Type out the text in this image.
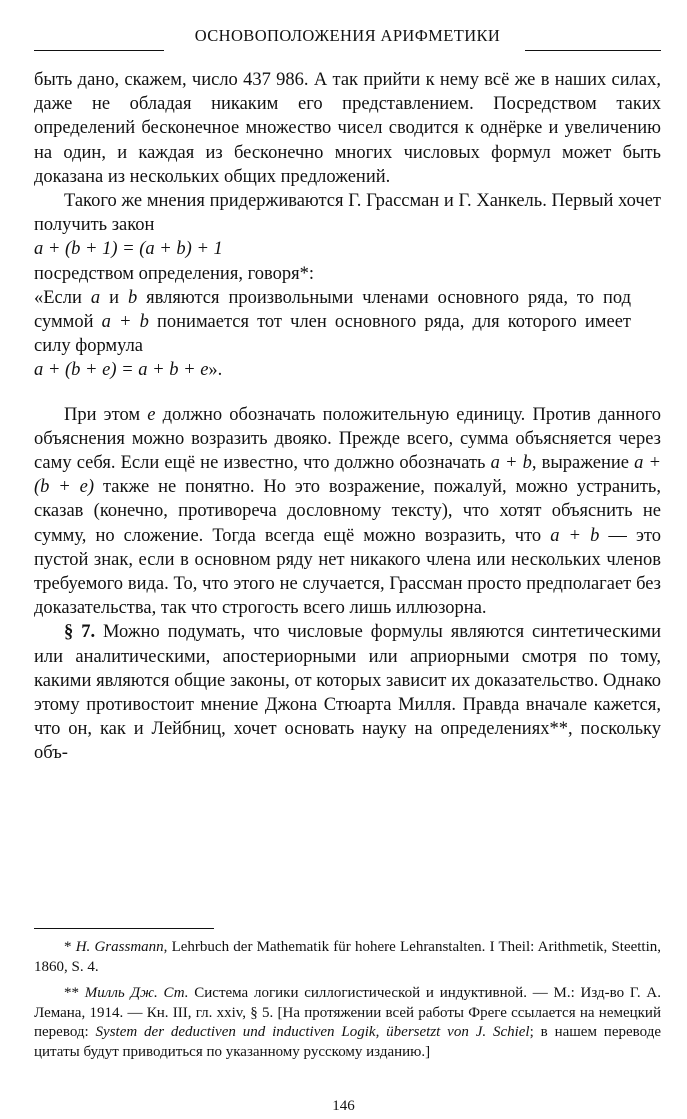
ОСНОВОПОЛОЖЕНИЯ АРИФМЕТИКИ

быть дано, скажем, число 437 986. А так прийти к нему всё же в наших силах, даже не обладая никаким его представлением. Посредством таких определений бесконечное множество чисел сводится к однёрке и увеличению на один, и каждая из бесконечно многих числовых формул может быть доказана из нескольких общих предложений.

Такого же мнения придерживаются Г. Грассман и Г. Ханкель. Первый хочет получить закон

a + (b + 1) = (a + b) + 1

посредством определения, говоря*:

«Если a и b являются произвольными членами основного ряда, то под суммой a + b понимается тот член основного ряда, для которого имеет силу формула
a + (b + e) = a + b + e».

При этом e должно обозначать положительную единицу. Против данного объяснения можно возразить двояко. Прежде всего, сумма объясняется через саму себя. Если ещё не известно, что должно обозначать a + b, выражение a + (b + e) также не понятно. Но это возражение, пожалуй, можно устранить, сказав (конечно, противореча дословному тексту), что хотят объяснить не сумму, но сложение. Тогда всегда ещё можно возразить, что a + b — это пустой знак, если в основном ряду нет никакого члена или нескольких членов требуемого вида. То, что этого не случается, Грассман просто предполагает без доказательства, так что строгость всего лишь иллюзорна.

§ 7. Можно подумать, что числовые формулы являются синтетическими или аналитическими, апостериорными или априорными смотря по тому, какими являются общие законы, от которых зависит их доказательство. Однако этому противостоит мнение Джона Стюарта Милля. Правда вначале кажется, что он, как и Лейбниц, хочет основать науку на определениях**, поскольку объ-

* H. Grassmann, Lehrbuch der Mathematik für hohere Lehranstalten. I Theil: Arithmetik, Steettin, 1860, S. 4.

** Милль Дж. Ст. Система логики силлогистической и индуктивной. — М.: Изд-во Г. А. Лемана, 1914. — Кн. III, гл. xxiv, § 5. [На протяжении всей работы Фреге ссылается на немецкий перевод: System der deductiven und inductiven Logik, übersetzt von J. Schiel; в нашем переводе цитаты будут приводиться по указанному русскому изданию.]

146
